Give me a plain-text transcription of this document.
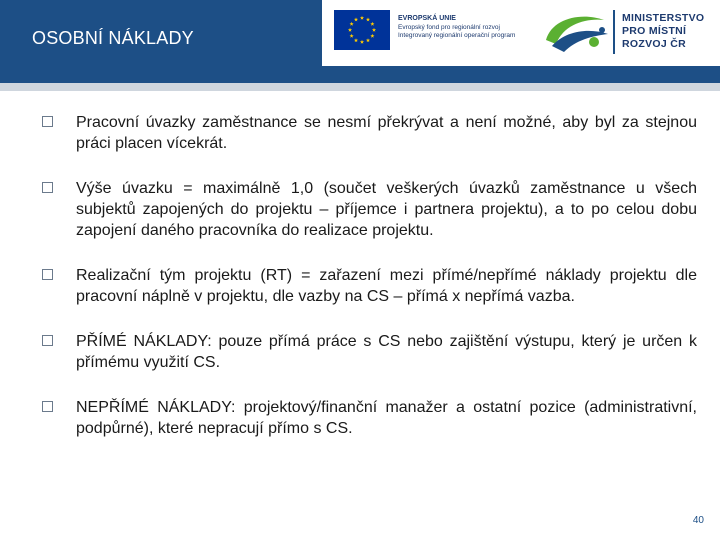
OSOBNÍ NÁKLADY
EVROPSKÁ UNIE
Evropský fond pro regionální rozvoj
Integrovaný regionální operační program
MINISTERSTVO
PRO MÍSTNÍ
ROZVOJ ČR
Pracovní úvazky zaměstnance se nesmí překrývat a není možné, aby byl za stejnou práci placen vícekrát.
Výše úvazku = maximálně 1,0 (součet veškerých úvazků zaměstnance u všech subjektů zapojených do projektu – příjemce i partnera projektu), a to po celou dobu zapojení daného pracovníka do realizace projektu.
Realizační tým projektu (RT) = zařazení mezi přímé/nepřímé náklady projektu dle pracovní náplně v projektu, dle vazby na CS – přímá x nepřímá vazba.
PŘÍMÉ NÁKLADY: pouze přímá práce s CS nebo zajištění výstupu, který je určen k přímému využití CS.
NEPŘÍMÉ NÁKLADY: projektový/finanční manažer a ostatní pozice (administrativní, podpůrné), které nepracují přímo s CS.
40
